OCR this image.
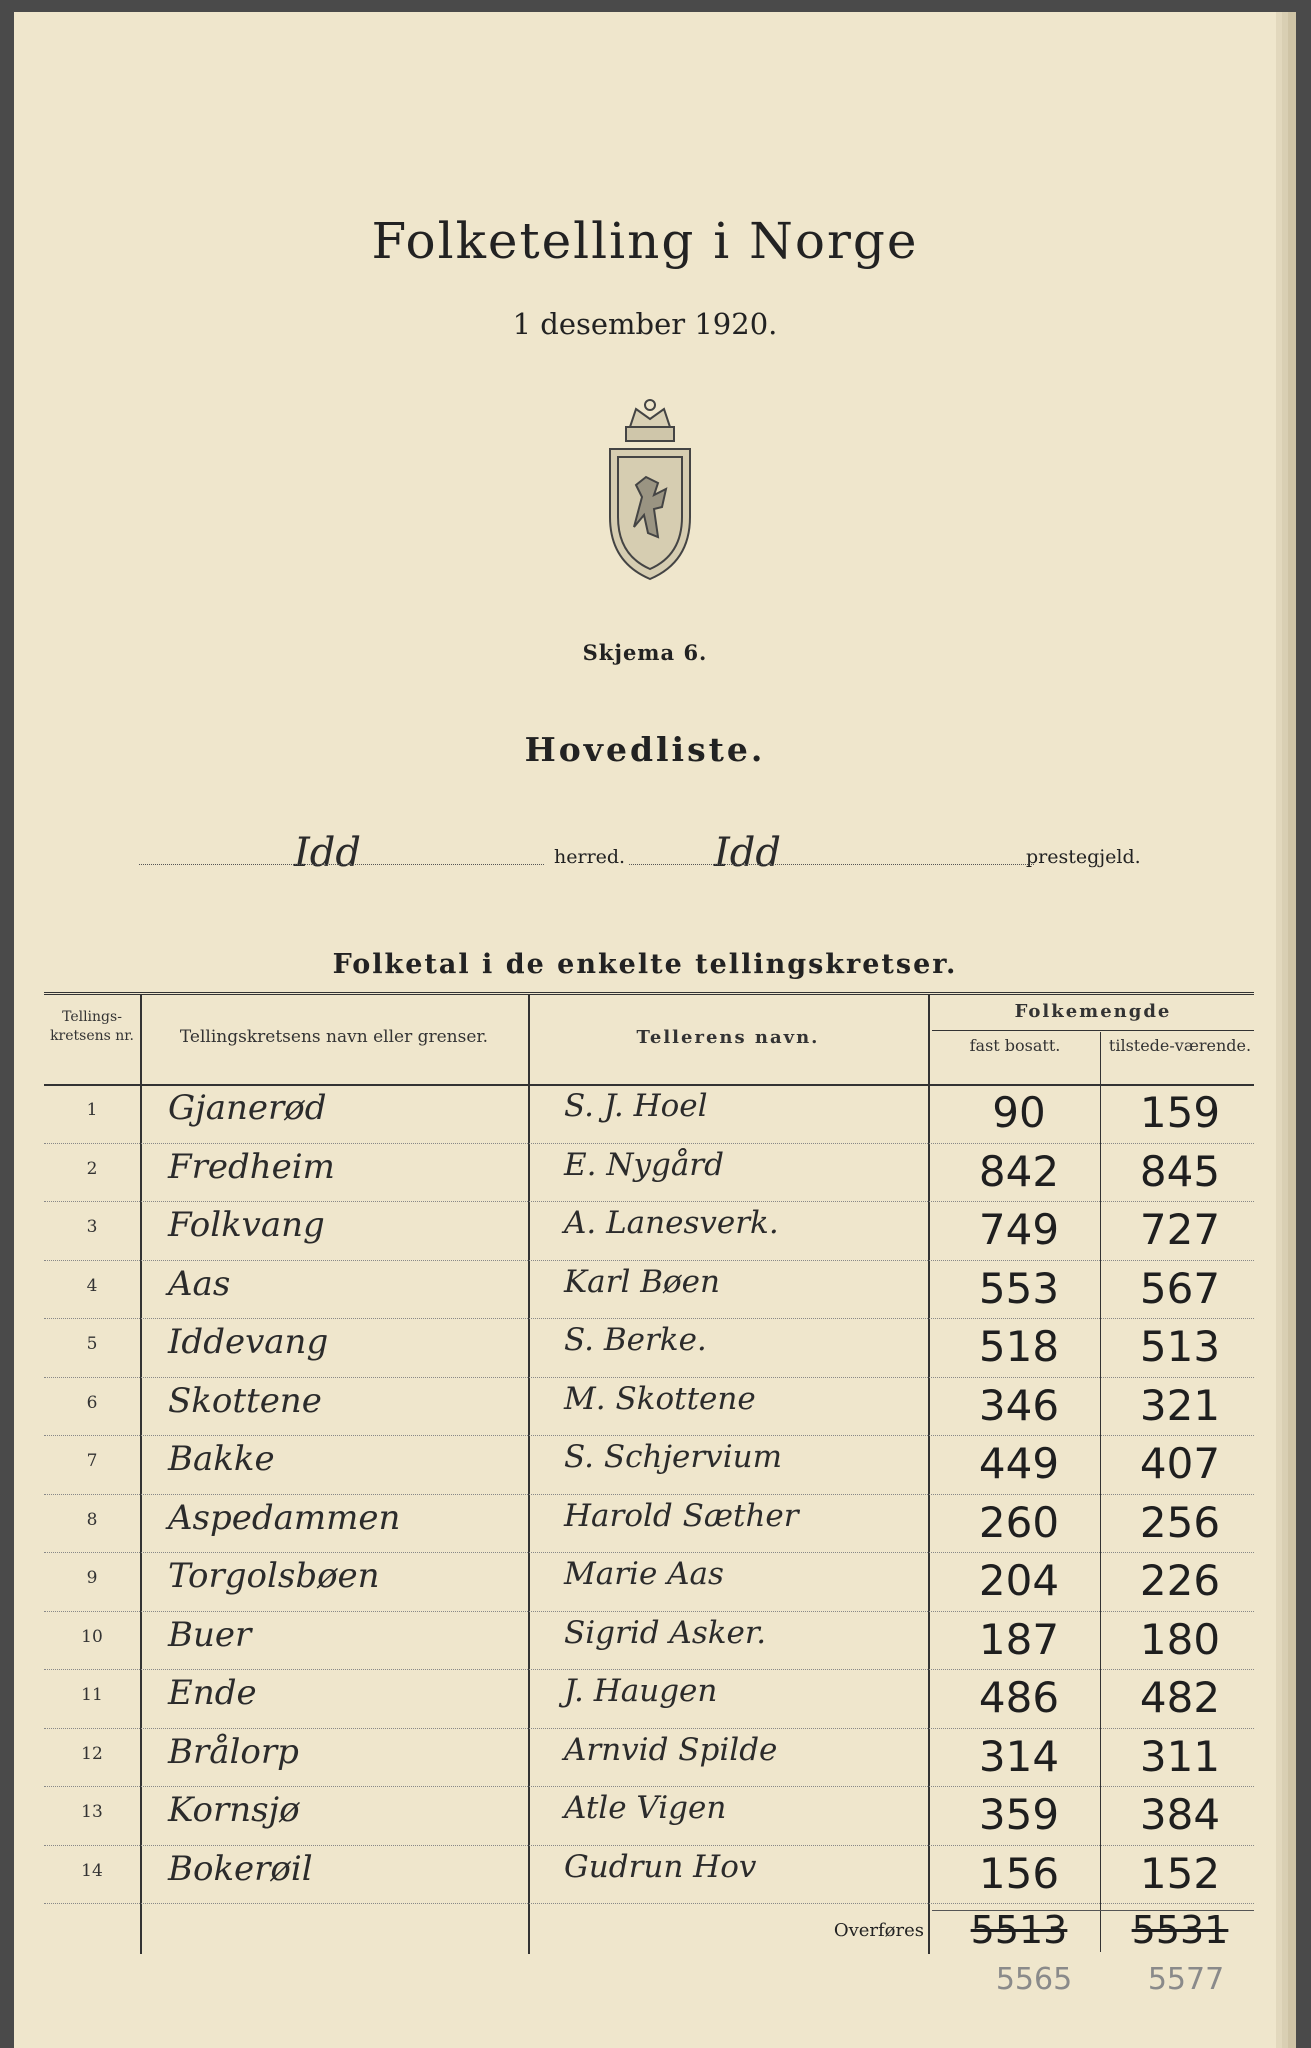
Folketelling i Norge
1 desember 1920.
Skjema 6.
Hovedliste.
Idd	herred. Idd	prestegjeld.
Folketal i de enkelte tellingskretser.
Tellings-kretsens nr.	Tellingskretsens navn eller grenser.	Tellerens navn.
Folkemengde
fast bosatt.	tilstede-værende.
1	Gjanerød	S. J. Hoel	90	159
2	Fredheim	E. Nygård	842	845
3	Folkvang	A. Lanesverk.	749	727
4	Aas	Karl Bøen	553	567
5	Iddevang	S. Berke.	518	513
6	Skottene	M. Skottene	346	321
7	Bakke	S. Schjervium	449	407
8	Aspedammen	Harold Sæther	260	256
9	Torgolsbøen	Marie Aas	204	226
10	Buer	Sigrid Asker.	187	180
11	Ende	J. Haugen	486	482
12	Brålorp	Arnvid Spilde	314	311
13	Kornsjø	Atle Vigen	359	384
14	Bokerøil	Gudrun Hov	156	152
Overføres	5513	5531
5565	5577
